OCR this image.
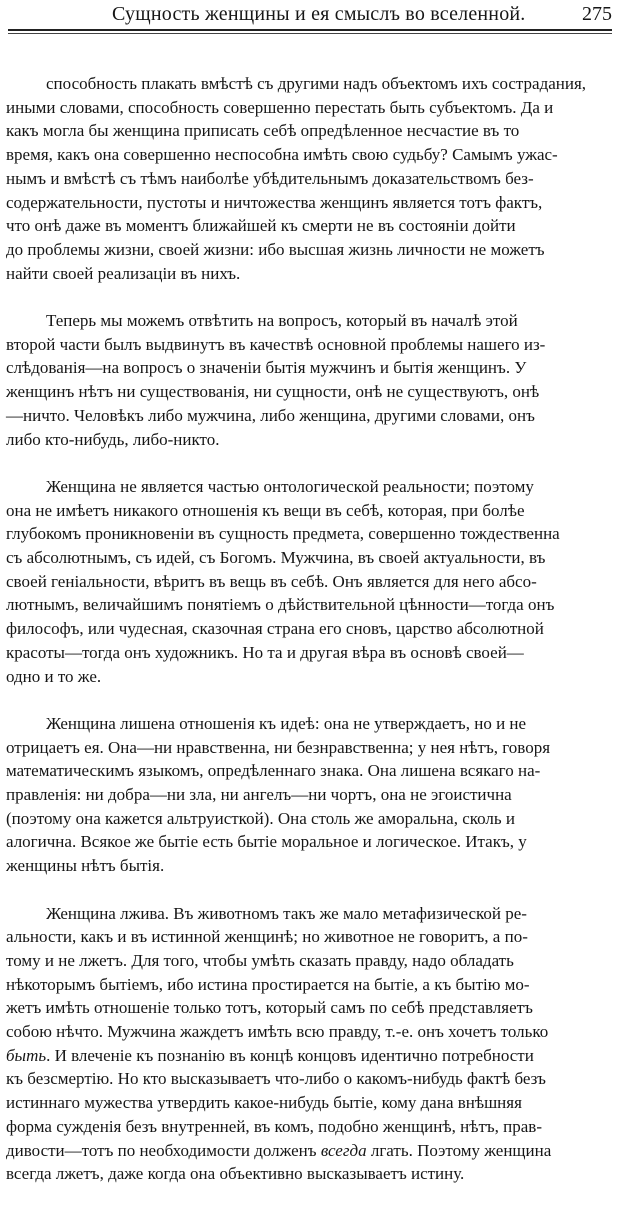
Сущность женщины и ея смыслъ во вселенной.	275
способность плакать вмѣстѣ съ другими надъ объектомъ ихъ сострадания,
иными словами, способность совершенно перестать быть субъектомъ. Да и
какъ могла бы женщина приписать себѣ опредѣленное несчастие въ то
время, какъ она совершенно неспособна имѣть свою судьбу? Самымъ ужас-
нымъ и вмѣстѣ съ тѣмъ наиболѣе убѣдительнымъ доказательствомъ без-
содержательности, пустоты и ничтожества женщинъ является тотъ фактъ,
что онѣ даже въ моментъ ближайшей къ смерти не въ состояніи дойти
до проблемы жизни, своей жизни: ибо высшая жизнь личности не можетъ
найти своей реализаціи въ нихъ.
Теперь мы можемъ отвѣтить на вопросъ, который въ началѣ этой
второй части былъ выдвинутъ въ качествѣ основной проблемы нашего из-
слѣдованія—на вопросъ о значеніи бытія мужчинъ и бытія женщинъ. У
женщинъ нѣтъ ни существованія, ни сущности, онѣ не существуютъ, онѣ
—ничто. Человѣкъ либо мужчина, либо женщина, другими словами, онъ
либо кто-нибудь, либо-никто.
Женщина не является частью онтологической реальности; поэтому
она не имѣетъ никакого отношенія къ вещи въ себѣ, которая, при болѣе
глубокомъ проникновеніи въ сущность предмета, совершенно тождественна
съ абсолютнымъ, съ идей, съ Богомъ. Мужчина, въ своей актуальности, въ
своей геніальности, вѣритъ въ вещь въ себѣ. Онъ является для него абсо-
лютнымъ, величайшимъ понятіемъ о дѣйствительной цѣнности—тогда онъ
философъ, или чудесная, сказочная страна его сновъ, царство абсолютной
красоты—тогда онъ художникъ. Но та и другая вѣра въ основѣ своей—
одно и то же.
Женщина лишена отношенія къ идеѣ: она не утверждаетъ, но и не
отрицаетъ ея. Она—ни нравственна, ни безнравственна; у нея нѣтъ, говоря
математическимъ языкомъ, опредѣленнаго знака. Она лишена всякаго на-
правленія: ни добра—ни зла, ни ангелъ—ни чортъ, она не эгоистична
(поэтому она кажется альтруисткой). Она столь же аморальна, сколь и
алогична. Всякое же бытіе есть бытіе моральное и логическое. Итакъ, у
женщины нѣтъ бытія.
Женщина лжива. Въ животномъ такъ же мало метафизической ре-
альности, какъ и въ истинной женщинѣ; но животное не говоритъ, а по-
тому и не лжетъ. Для того, чтобы умѣть сказать правду, надо обладать
нѣкоторымъ бытіемъ, ибо истина простирается на бытіе, а къ бытію мо-
жетъ имѣть отношеніе только тотъ, который самъ по себѣ представляетъ
собою нѣчто. Мужчина жаждетъ имѣть всю правду, т.-е. онъ хочетъ только
быть. И влеченіе къ познанію въ концѣ концовъ идентично потребности
къ безсмертію. Но кто высказываетъ что-либо о какомъ-нибудь фактѣ безъ
истиннаго мужества утвердить какое-нибудь бытіе, кому дана внѣшняя
форма сужденія безъ внутренней, въ комъ, подобно женщинѣ, нѣтъ, прав-
дивости—тотъ по необходимости долженъ всегда лгать. Поэтому женщина
всегда лжетъ, даже когда она объективно высказываетъ истину.
